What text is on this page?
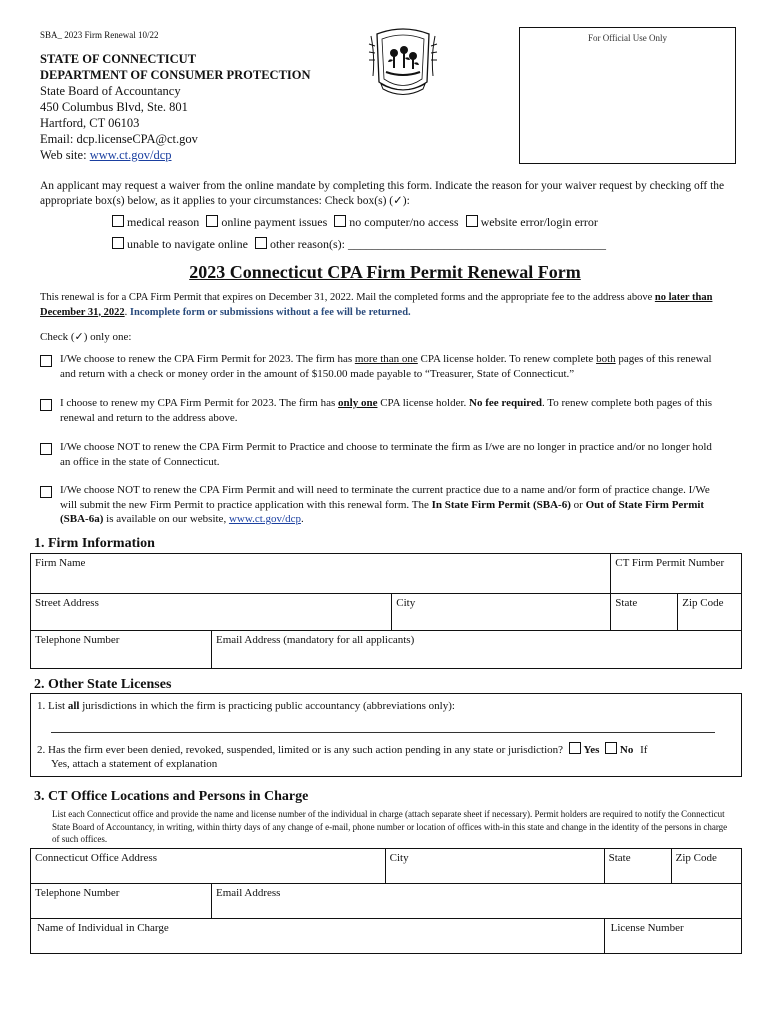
SBA_ 2023 Firm Renewal 10/22
STATE OF CONNECTICUT
DEPARTMENT OF CONSUMER PROTECTION
State Board of Accountancy
450 Columbus Blvd, Ste. 801
Hartford, CT 06103
Email: dcp.licenseCPA@ct.gov
Web site: www.ct.gov/dcp
For Official Use Only
An applicant may request a waiver from the online mandate by completing this form. Indicate the reason for your waiver request by checking off the appropriate box(s) below, as it applies to your circumstances: Check box(s) (✓):
medical reason online payment issues no computer/no access website error/login error
unable to navigate online other reason(s): ___________________________________________
2023 Connecticut CPA Firm Permit Renewal Form
This renewal is for a CPA Firm Permit that expires on December 31, 2022. Mail the completed forms and the appropriate fee to the address above no later than December 31, 2022. Incomplete form or submissions without a fee will be returned.
Check (✓) only one:
I/We choose to renew the CPA Firm Permit for 2023. The firm has more than one CPA license holder. To renew complete both pages of this renewal and return with a check or money order in the amount of $150.00 made payable to “Treasurer, State of Connecticut.”
I choose to renew my CPA Firm Permit for 2023. The firm has only one CPA license holder. No fee required. To renew complete both pages of this renewal and return to the address above.
I/We choose NOT to renew the CPA Firm Permit to Practice and choose to terminate the firm as I/we are no longer in practice and/or no longer hold an office in the state of Connecticut.
I/We choose NOT to renew the CPA Firm Permit and will need to terminate the current practice due to a name and/or form of practice change. I/We will submit the new Firm Permit to practice application with this renewal form. The In State Firm Permit (SBA-6) or Out of State Firm Permit (SBA-6a) is available on our website, www.ct.gov/dcp.
1. Firm Information
Firm Name			CT Firm Permit Number	
Street Address		City	State	Zip Code
Telephone Number	Email Address (mandatory for all applicants)			
2. Other State Licenses
1. List all jurisdictions in which the firm is practicing public accountancy (abbreviations only):
2. Has the firm ever been denied, revoked, suspended, limited or is any such action pending in any state or jurisdiction? Yes No If
Yes, attach a statement of explanation
3. CT Office Locations and Persons in Charge
List each Connecticut office and provide the name and license number of the individual in charge (attach separate sheet if necessary). Permit holders are required to notify the Connecticut State Board of Accountancy, in writing, within thirty days of any change of e-mail, phone number or location of offices with-in this state and change in the identity of the persons in charge of such offices.
Connecticut Office Address		City	State	Zip Code
Telephone Number	Email Address			
Name of Individual in Charge			License Number	
